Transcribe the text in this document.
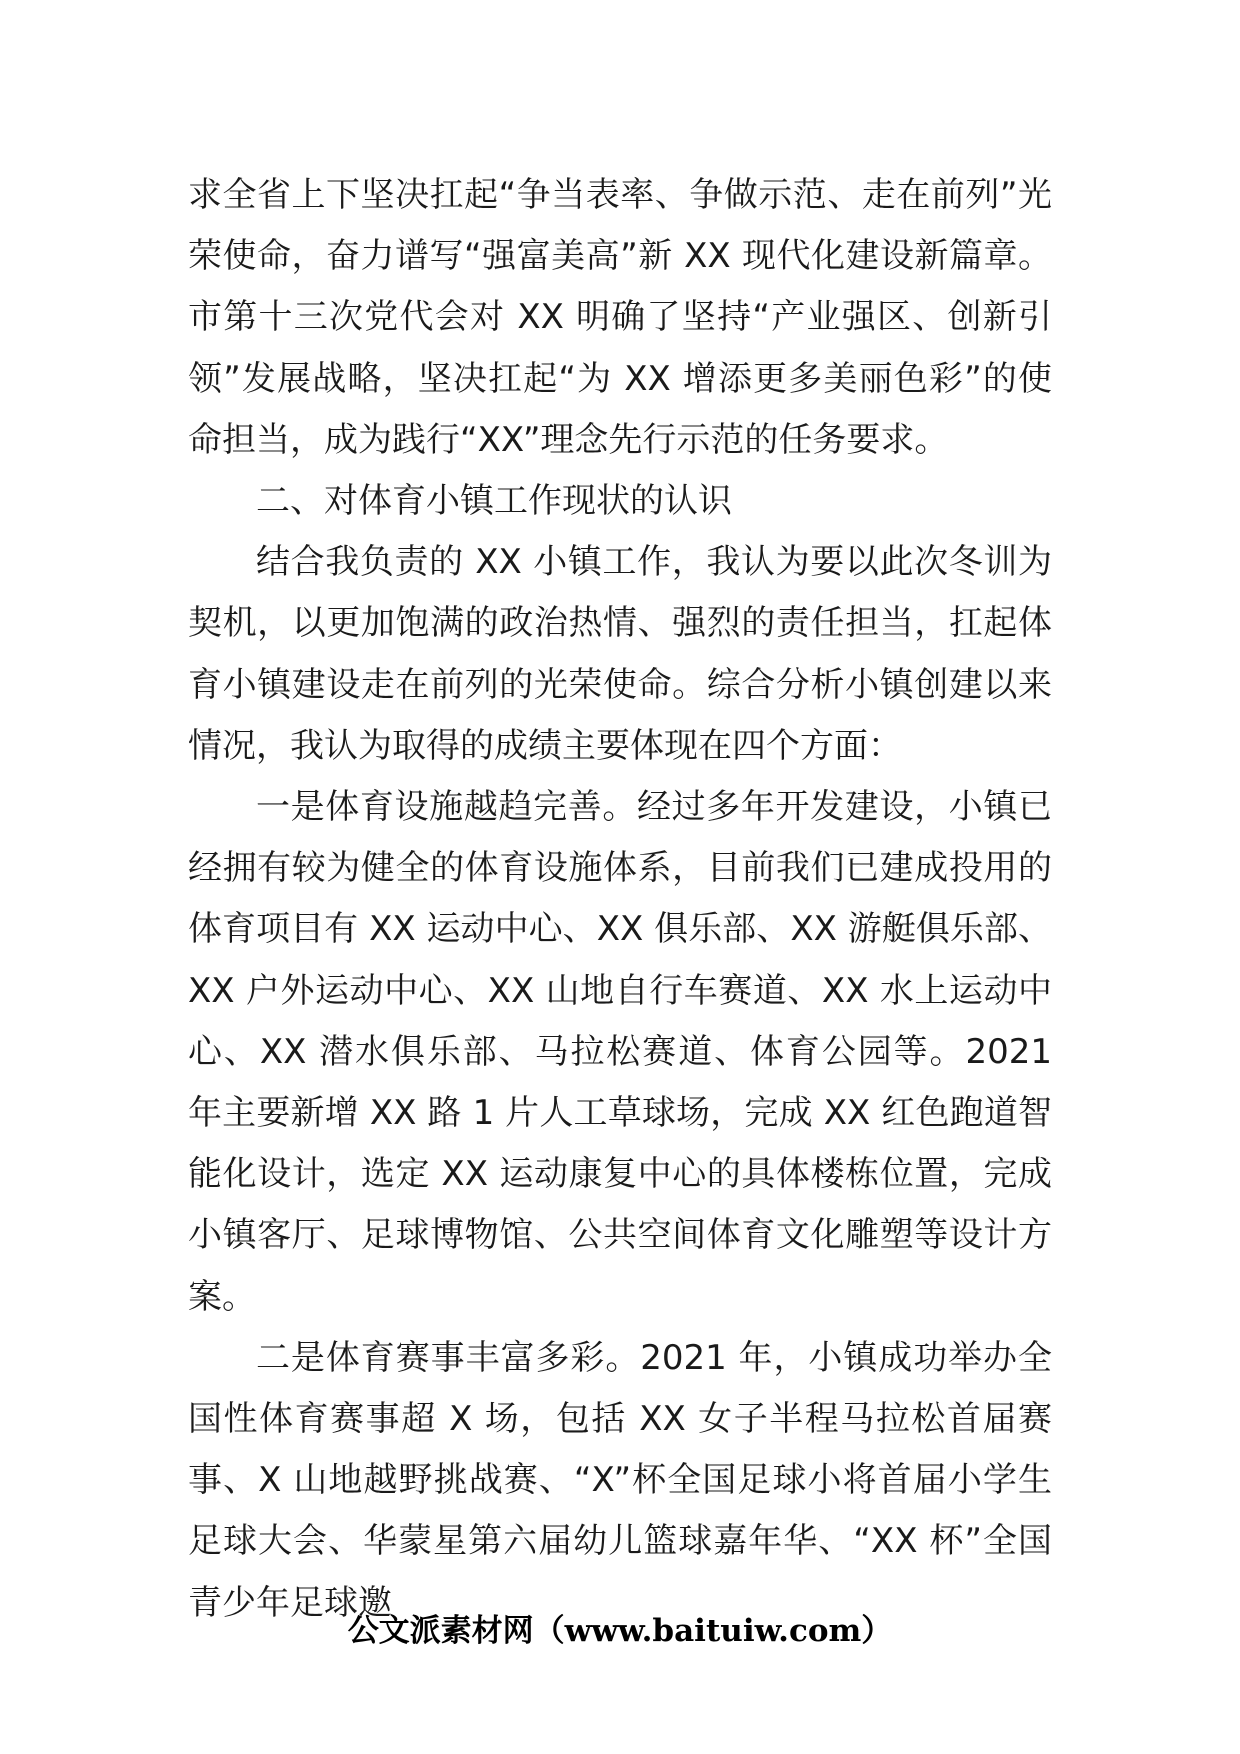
求全省上下坚决扛起“争当表率、争做示范、走在前列”光荣使命，奋力谱写“强富美高”新 XX 现代化建设新篇章。市第十三次党代会对 XX 明确了坚持“产业强区、创新引领”发展战略，坚决扛起“为 XX 增添更多美丽色彩”的使命担当，成为践行“XX”理念先行示范的任务要求。

二、对体育小镇工作现状的认识

结合我负责的 XX 小镇工作，我认为要以此次冬训为契机，以更加饱满的政治热情、强烈的责任担当，扛起体育小镇建设走在前列的光荣使命。综合分析小镇创建以来情况，我认为取得的成绩主要体现在四个方面：

一是体育设施越趋完善。经过多年开发建设，小镇已经拥有较为健全的体育设施体系，目前我们已建成投用的体育项目有 XX 运动中心、XX 俱乐部、XX 游艇俱乐部、XX 户外运动中心、XX 山地自行车赛道、XX 水上运动中心、XX 潜水俱乐部、马拉松赛道、体育公园等。2021 年主要新增 XX 路 1 片人工草球场，完成 XX 红色跑道智能化设计，选定 XX 运动康复中心的具体楼栋位置，完成小镇客厅、足球博物馆、公共空间体育文化雕塑等设计方案。

二是体育赛事丰富多彩。2021 年，小镇成功举办全国性体育赛事超 X 场，包括 XX 女子半程马拉松首届赛事、X 山地越野挑战赛、“X”杯全国足球小将首届小学生足球大会、华蒙星第六届幼儿篮球嘉年华、“XX 杯”全国青少年足球邀

公文派素材网（www.baituiw.com）
